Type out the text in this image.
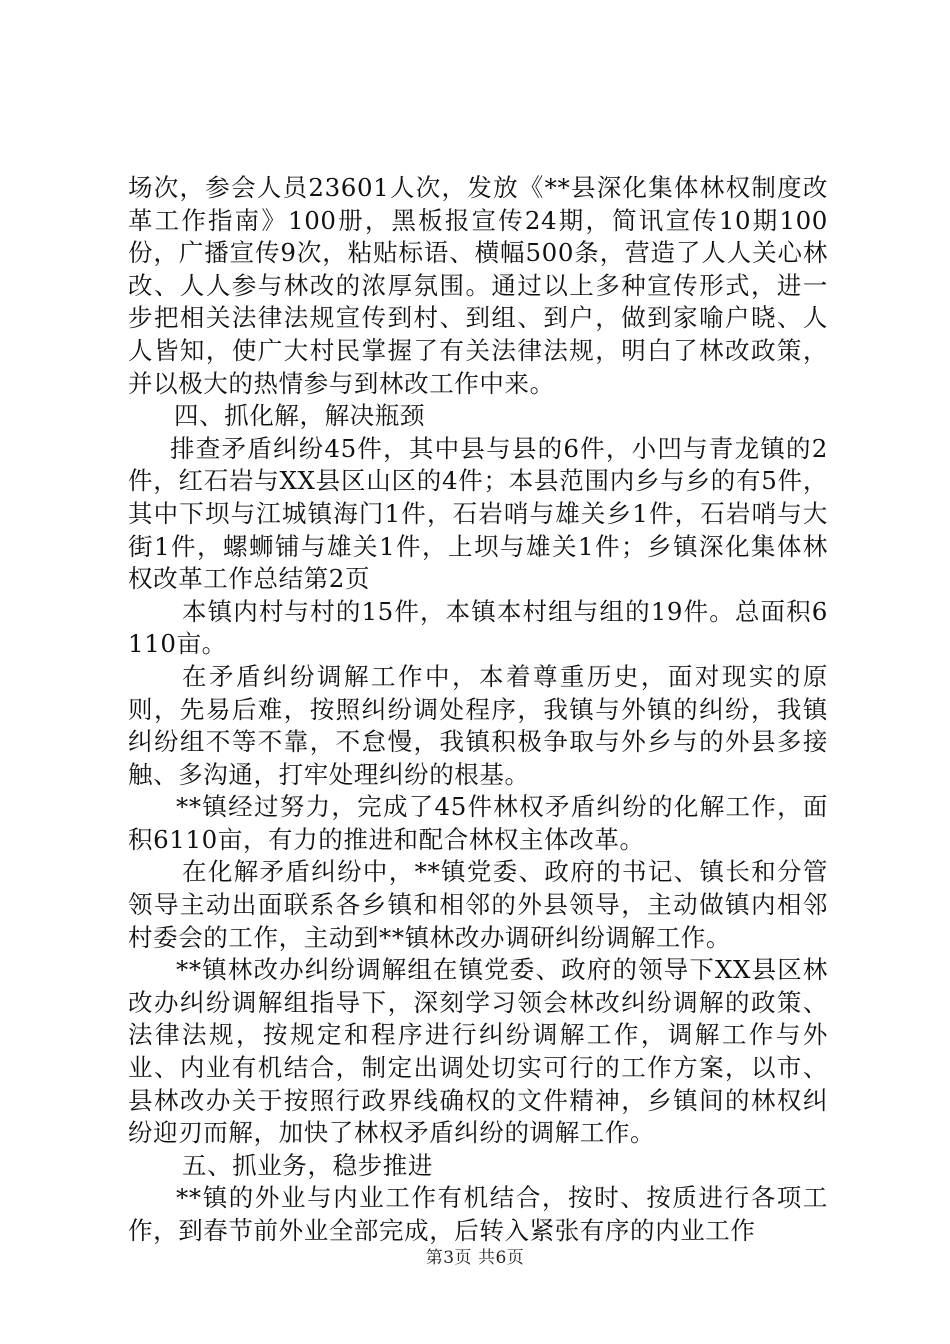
场次，参会人员23601人次，发放《**县深化集体林权制度改革工作指南》100册，黑板报宣传24期，简讯宣传10期100份，广播宣传9次，粘贴标语、横幅500条，营造了人人关心林改、人人参与林改的浓厚氛围。通过以上多种宣传形式，进一步把相关法律法规宣传到村、到组、到户，做到家喻户晓、人人皆知，使广大村民掌握了有关法律法规，明白了林改政策，并以极大的热情参与到林改工作中来。

四、抓化解，解决瓶颈

排查矛盾纠纷45件，其中县与县的6件，小凹与青龙镇的2件，红石岩与XX县区山区的4件；本县范围内乡与乡的有5件，其中下坝与江城镇海门1件，石岩哨与雄关乡1件，石岩哨与大街1件，螺蛳铺与雄关1件，上坝与雄关1件；乡镇深化集体林权改革工作总结第2页

本镇内村与村的15件，本镇本村组与组的19件。总面积6110亩。

在矛盾纠纷调解工作中，本着尊重历史，面对现实的原则，先易后难，按照纠纷调处程序，我镇与外镇的纠纷，我镇纠纷组不等不靠，不怠慢，我镇积极争取与外乡与的外县多接触、多沟通，打牢处理纠纷的根基。

**镇经过努力，完成了45件林权矛盾纠纷的化解工作，面积6110亩，有力的推进和配合林权主体改革。

在化解矛盾纠纷中，**镇党委、政府的书记、镇长和分管领导主动出面联系各乡镇和相邻的外县领导，主动做镇内相邻村委会的工作，主动到**镇林改办调研纠纷调解工作。

**镇林改办纠纷调解组在镇党委、政府的领导下XX县区林改办纠纷调解组指导下，深刻学习领会林改纠纷调解的政策、法律法规，按规定和程序进行纠纷调解工作，调解工作与外业、内业有机结合，制定出调处切实可行的工作方案，以市、县林改办关于按照行政界线确权的文件精神，乡镇间的林权纠纷迎刃而解，加快了林权矛盾纠纷的调解工作。

五、抓业务，稳步推进

**镇的外业与内业工作有机结合，按时、按质进行各项工作，到春节前外业全部完成，后转入紧张有序的内业工作

第3页 共6页
